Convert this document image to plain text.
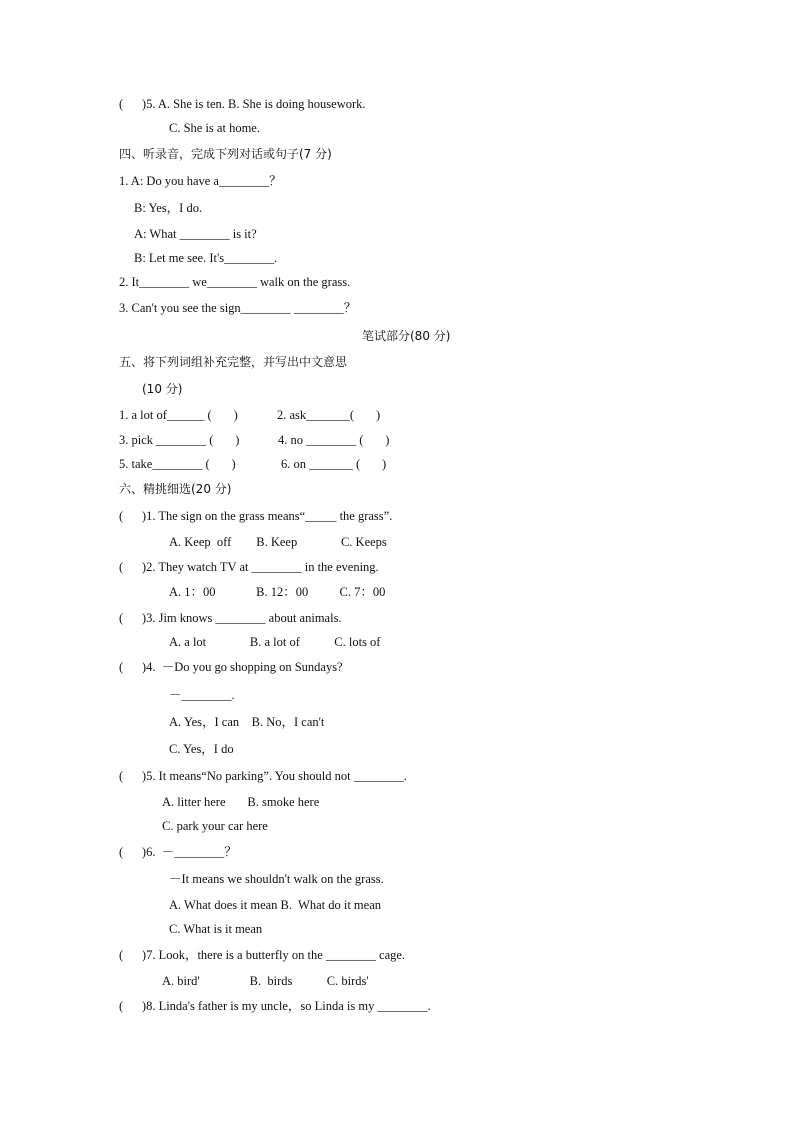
(      )5. A. She is ten. B. She is doing housework.
C. She is at home.
四、听录音，完成下列对话或句子(7 分)
1. A: Do you have a________？
B: Yes，I do.
A: What ________ is it?
B: Let me see. It's________.
2. It________ we________ walk on the grass.
3. Can't you see the sign________ ________？
笔试部分(80 分)
五、将下列词组补充完整，并写出中文意思
(10 分)
1. a lot of______ (       )	2. ask_______(       )
3. pick ________ (       )	4. no ________ (       )
5. take________ (       )	6. on _______ (       )
六、精挑细选(20 分)
(      )1. The sign on the grass means“_____ the grass”.
A. Keep  off        B. Keep              C. Keeps
(      )2. They watch TV at ________ in the evening.
A. 1：00             B. 12：00          C. 7：00
(      )3. Jim knows ________ about animals.
A. a lot              B. a lot of           C. lots of
(      )4.  －Do you go shopping on Sundays?
－________.
A. Yes，I can    B. No，I can't
C. Yes，I do
(      )5. It means“No parking”. You should not ________.
A. litter here       B. smoke here
C. park your car here
(      )6.  －________？
－It means we shouldn't walk on the grass.
A. What does it mean B.  What do it mean
C. What is it mean
(      )7. Look，there is a butterfly on the ________ cage.
A. bird'                B.  birds           C. birds'
(      )8. Linda's father is my uncle，so Linda is my ________.
